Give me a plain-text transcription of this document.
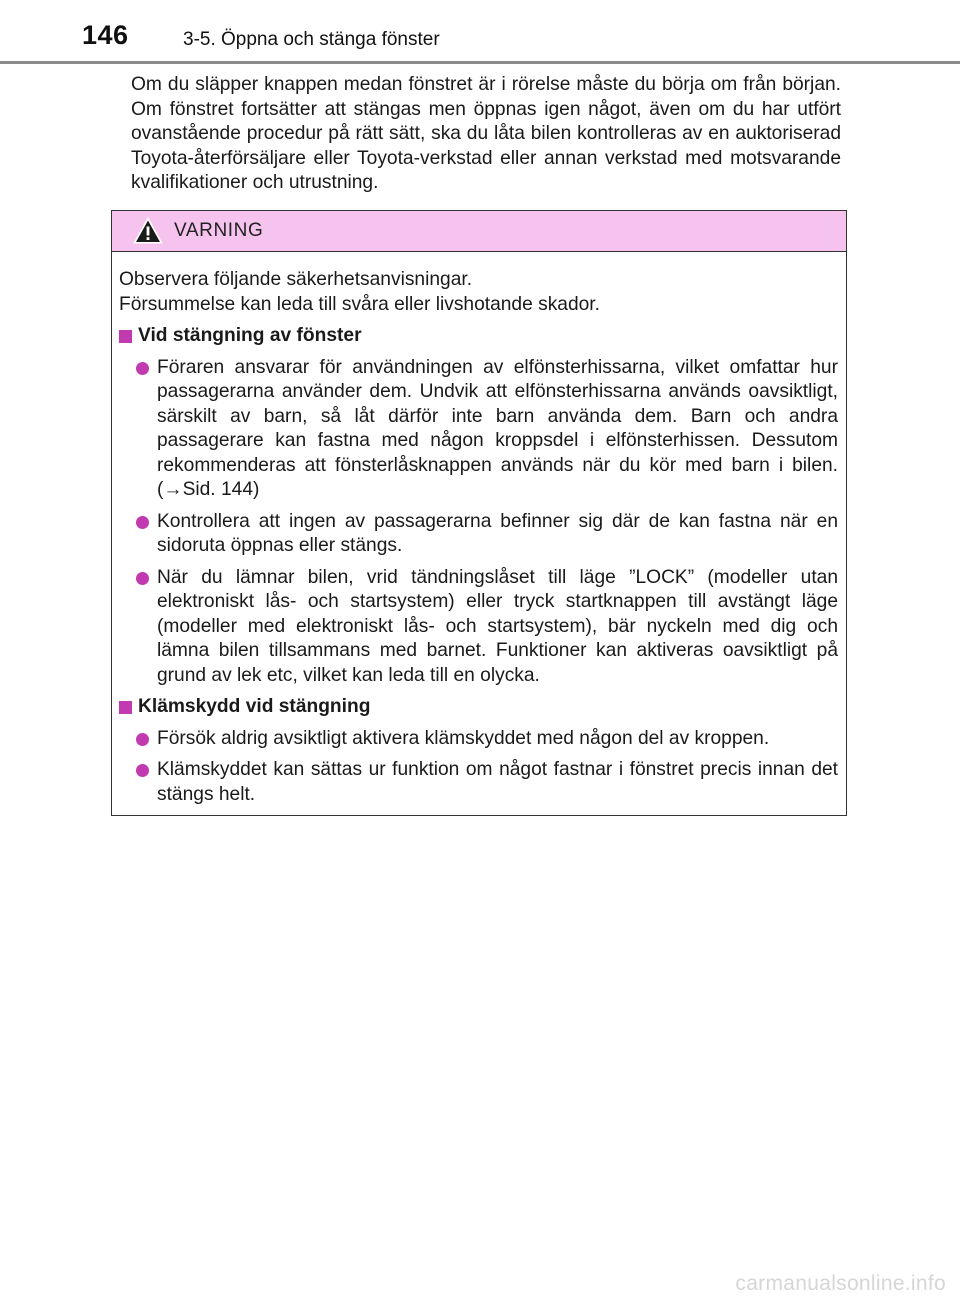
146	3-5. Öppna och stänga fönster
Om du släpper knappen medan fönstret är i rörelse måste du börja om från början. Om fönstret fortsätter att stängas men öppnas igen något, även om du har utfört ovanstående procedur på rätt sätt, ska du låta bilen kontrolleras av en auktoriserad Toyota-återförsäljare eller Toyota-verkstad eller annan verkstad med motsvarande kvalifikationer och utrustning.
VARNING
Observera följande säkerhetsanvisningar.
Försummelse kan leda till svåra eller livshotande skador.
Vid stängning av fönster
Föraren ansvarar för användningen av elfönsterhissarna, vilket omfattar hur passagerarna använder dem. Undvik att elfönsterhissarna används oavsiktligt, särskilt av barn, så låt därför inte barn använda dem. Barn och andra passagerare kan fastna med någon kroppsdel i elfönsterhissen. Dessutom rekommenderas att fönsterlåsknappen används när du kör med barn i bilen. (→Sid. 144)
Kontrollera att ingen av passagerarna befinner sig där de kan fastna när en sidoruta öppnas eller stängs.
När du lämnar bilen, vrid tändningslåset till läge ”LOCK” (modeller utan elektroniskt lås- och startsystem) eller tryck startknappen till avstängt läge (modeller med elektroniskt lås- och startsystem), bär nyckeln med dig och lämna bilen tillsammans med barnet. Funktioner kan aktiveras oavsiktligt på grund av lek etc, vilket kan leda till en olycka.
Klämskydd vid stängning
Försök aldrig avsiktligt aktivera klämskyddet med någon del av kroppen.
Klämskyddet kan sättas ur funktion om något fastnar i fönstret precis innan det stängs helt.
carmanualsonline.info
